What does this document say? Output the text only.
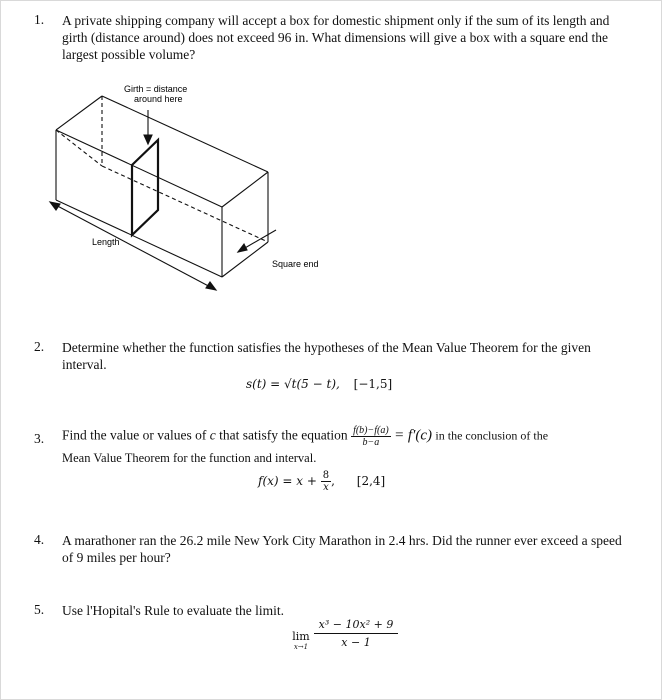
1. A private shipping company will accept a box for domestic shipment only if the sum of its length and girth (distance around) does not exceed 96 in. What dimensions will give a box with a square end the largest possible volume?
Girth = distance
around here
Length
Square end
2. Determine whether the function satisfies the hypotheses of the Mean Value Theorem for the given interval.
s(t) = √t(5 − t), [−1,5]
3. Find the value or values of c that satisfy the equation $\frac{f(b)-f(a)}{b-a} = f'(c)$ in the conclusion of the
Mean Value Theorem for the function and interval.
$f(x) = x + \frac{8}{x}$ , [2,4]
4. A marathoner ran the 26.2 mile New York City Marathon in 2.4 hrs. Did the runner ever exceed a speed of 9 miles per hour?
5. Use l'Hopital's Rule to evaluate the limit.
lim
$x\to 1 \frac{\text{x³ − 10x² + 9}}{x - 1}$
